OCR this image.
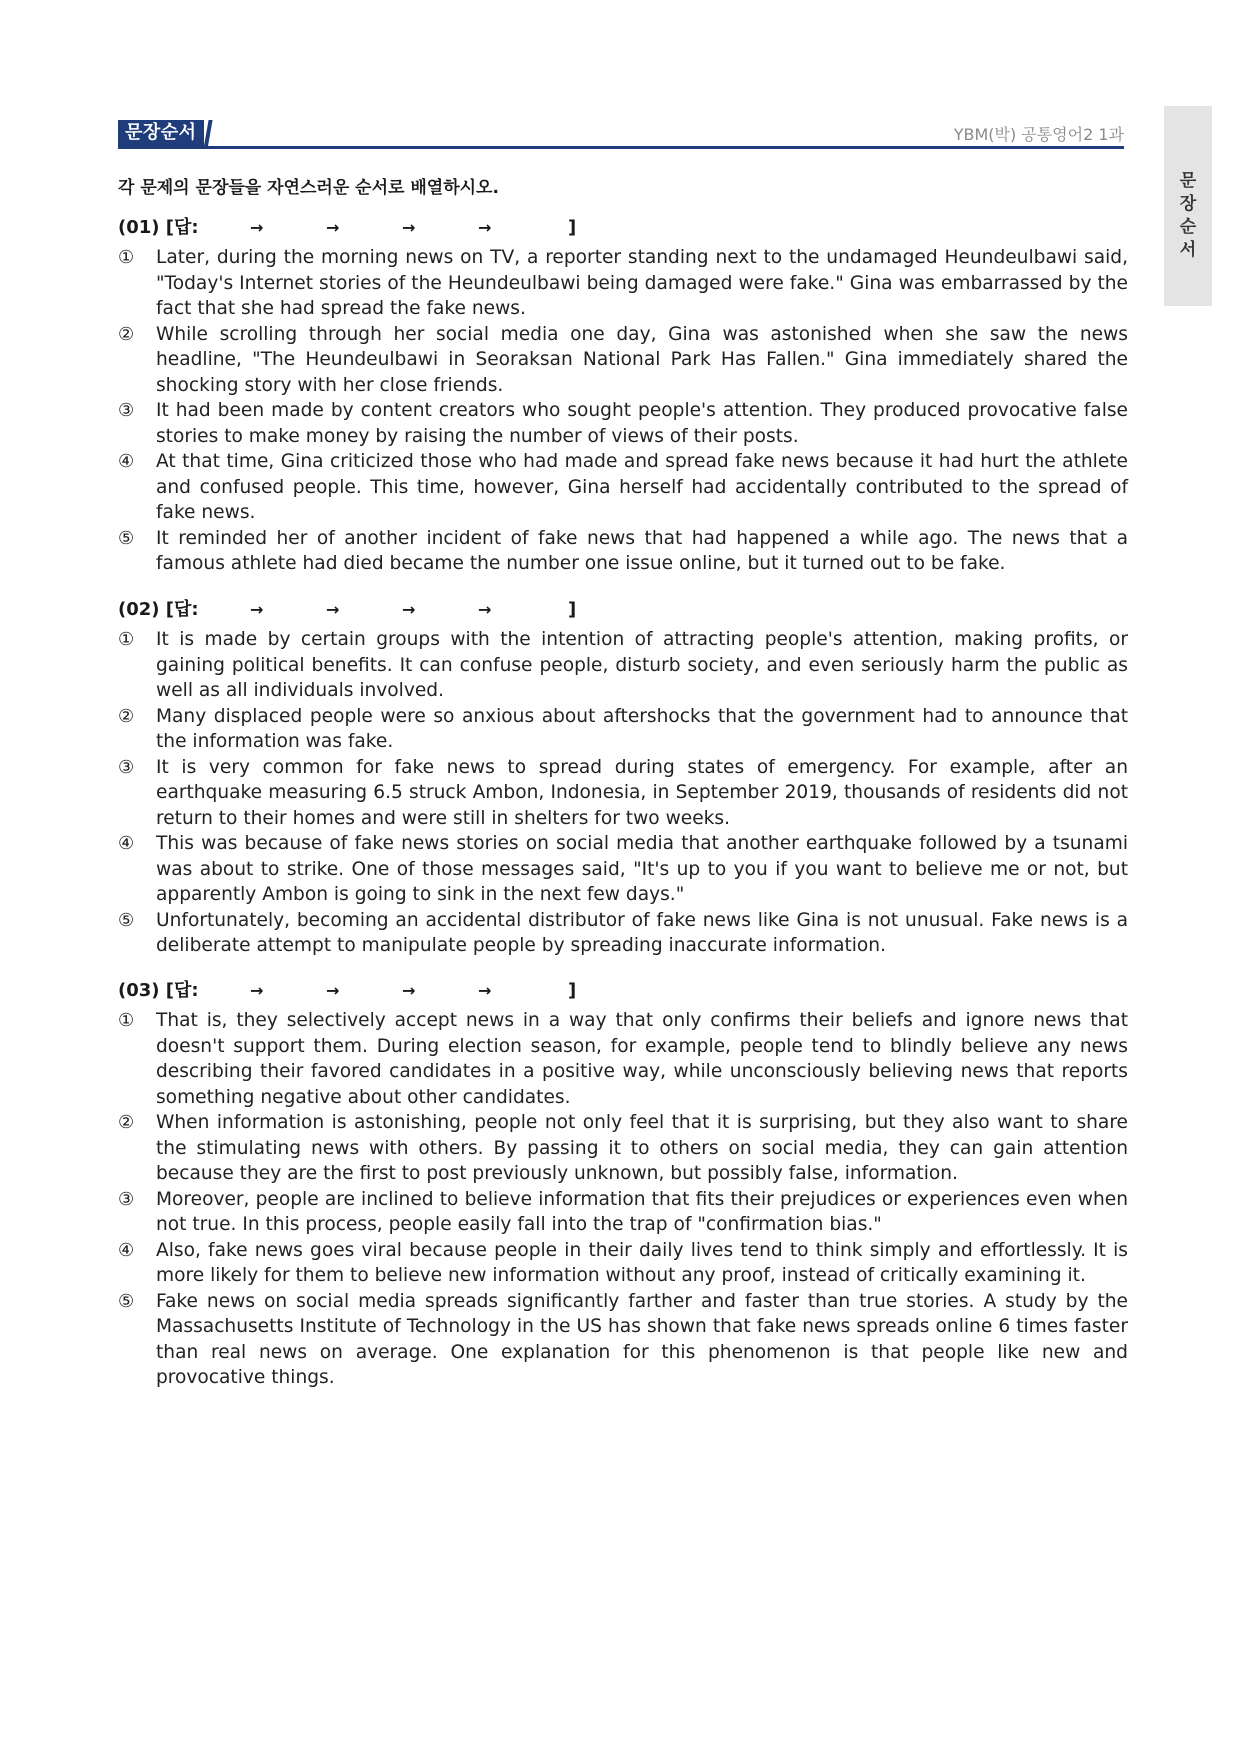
문장순서	YBM(박) 공통영어2 1과
문
장
순
서
각 문제의 문장들을 자연스러운 순서로 배열하시오.
(01) [답:	→	→	→	→	]
① Later, during the morning news on TV, a reporter standing next to the undamaged Heundeulbawi said, "Today's Internet stories of the Heundeulbawi being damaged were fake." Gina was embarrassed by the fact that she had spread the fake news.
② While scrolling through her social media one day, Gina was astonished when she saw the news headline, "The Heundeulbawi in Seoraksan National Park Has Fallen." Gina immediately shared the shocking story with her close friends.
③ It had been made by content creators who sought people's attention. They produced provocative false stories to make money by raising the number of views of their posts.
④ At that time, Gina criticized those who had made and spread fake news because it had hurt the athlete and confused people. This time, however, Gina herself had accidentally contributed to the spread of fake news.
⑤ It reminded her of another incident of fake news that had happened a while ago. The news that a famous athlete had died became the number one issue online, but it turned out to be fake.
(02) [답:	→	→	→	→	]
① It is made by certain groups with the intention of attracting people's attention, making profits, or gaining political benefits. It can confuse people, disturb society, and even seriously harm the public as well as all individuals involved.
② Many displaced people were so anxious about aftershocks that the government had to announce that the information was fake.
③ It is very common for fake news to spread during states of emergency. For example, after an earthquake measuring 6.5 struck Ambon, Indonesia, in September 2019, thousands of residents did not return to their homes and were still in shelters for two weeks.
④ This was because of fake news stories on social media that another earthquake followed by a tsunami was about to strike. One of those messages said, "It's up to you if you want to believe me or not, but apparently Ambon is going to sink in the next few days."
⑤ Unfortunately, becoming an accidental distributor of fake news like Gina is not unusual. Fake news is a deliberate attempt to manipulate people by spreading inaccurate information.
(03) [답:	→	→	→	→	]
① That is, they selectively accept news in a way that only confirms their beliefs and ignore news that doesn't support them. During election season, for example, people tend to blindly believe any news describing their favored candidates in a positive way, while unconsciously believing news that reports something negative about other candidates.
② When information is astonishing, people not only feel that it is surprising, but they also want to share the stimulating news with others. By passing it to others on social media, they can gain attention because they are the first to post previously unknown, but possibly false, information.
③ Moreover, people are inclined to believe information that fits their prejudices or experiences even when not true. In this process, people easily fall into the trap of "confirmation bias."
④ Also, fake news goes viral because people in their daily lives tend to think simply and effortlessly. It is more likely for them to believe new information without any proof, instead of critically examining it.
⑤ Fake news on social media spreads significantly farther and faster than true stories. A study by the Massachusetts Institute of Technology in the US has shown that fake news spreads online 6 times faster than real news on average. One explanation for this phenomenon is that people like new and provocative things.
